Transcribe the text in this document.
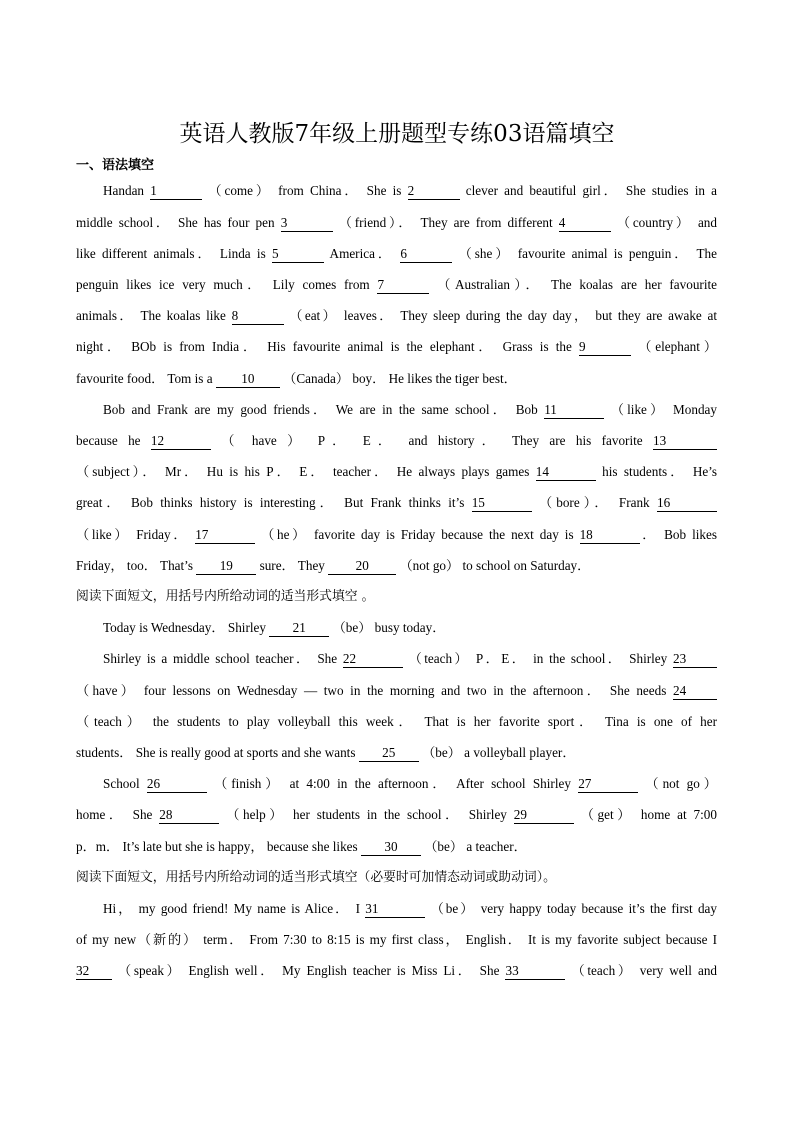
英语人教版7年级上册题型专练03语篇填空
一、语法填空
Handan 1	（come） from China． She is 2	clever and beautiful girl． She studies in a
middle school． She has four pen 3	（friend）． They are from different 4	（country） and
like different animals． Linda is 5	America． 6	（she） favourite animal is penguin． The
penguin likes ice very much． Lily comes from 7	（Australian）． The koalas are her favourite
animals． The koalas like 8	（eat） leaves． They sleep during the day day， but they are awake at
night． BOb is from India． His favourite animal is the elephant． Grass is the 9	（elephant）
favourite food． Tom is a 10 （Canada） boy． He likes the tiger best．
Bob and Frank are my good friends． We are in the same school． Bob 11	（like） Monday
because he 12	（ have ） P． E． and history． They are his favorite 13
（subject）． Mr． Hu is his P． E． teacher． He always plays games 14	his students． He’s
great． Bob thinks history is interesting． But Frank thinks it’s 15	（bore）． Frank 16
（like） Friday． 17	（he） favorite day is Friday because the next day is 18	． Bob likes
Friday， too． That’s 19 sure． They 20 （not go） to school on Saturday．
阅读下面短文，用括号内所给动词的适当形式填空 。
Today is Wednesday． Shirley 21 （be） busy today．
Shirley is a middle school teacher． She 22	（teach） P．E． in the school． Shirley 23
（have） four lessons on Wednesday — two in the morning and two in the afternoon． She needs 24
（teach） the students to play volleyball this week． That is her favorite sport． Tina is one of her
students． She is really good at sports and she wants 25 （be） a volleyball player．
School 26	（finish） at 4:00 in the afternoon． After school Shirley 27	（not go）
home． She 28	（help） her students in the school． Shirley 29	（get） home at 7:00
p．m． It’s late but she is happy， because she likes 30 （be） a teacher．
阅读下面短文，用括号内所给动词的适当形式填空（必要时可加情态动词或助动词）。
Hi， my good friend! My name is Alice． I 31	（be） very happy today because it’s the first day
of my new（新的） term． From 7:30 to 8:15 is my first class， English． It is my favorite subject because I
32 （speak） English well． My English teacher is Miss Li． She 33	（teach） very well and
